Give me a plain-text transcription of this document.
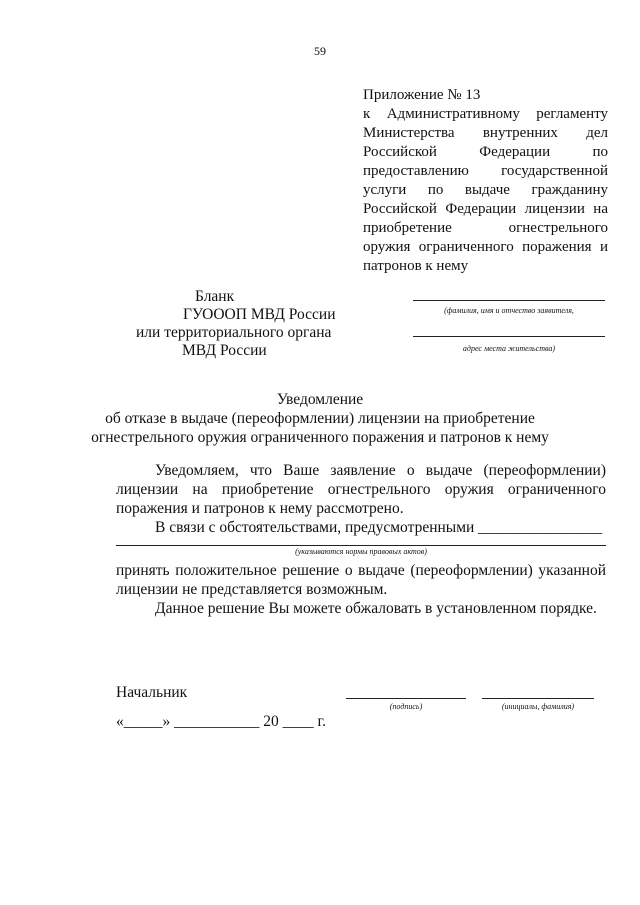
59
Приложение № 13
к Административному регламенту
Министерства внутренних дел
Российской Федерации по
предоставлению государственной
услуги по выдаче гражданину
Российской Федерации лицензии на
приобретение огнестрельного
оружия ограниченного поражения и
патронов к нему
Бланк
ГУОООП МВД России
или территориального органа
МВД России
(фамилия, имя и отчество заявителя,
адрес места жительства)
Уведомление
об отказе в выдаче (переоформлении) лицензии на приобретение
огнестрельного оружия ограниченного поражения и патронов к нему
Уведомляем, что Ваше заявление о выдаче (переоформлении)
лицензии на приобретение огнестрельного оружия ограниченного
поражения и патронов к нему рассмотрено.
В связи с обстоятельствами, предусмотренными ________________
(указываются нормы правовых актов)
принять положительное решение о выдаче (переоформлении) указанной
лицензии не представляется возможным.
Данное решение Вы можете обжаловать в установленном порядке.
Начальник
(подпись)	(инициалы, фамилия)
«_____» ___________ 20 ____ г.
